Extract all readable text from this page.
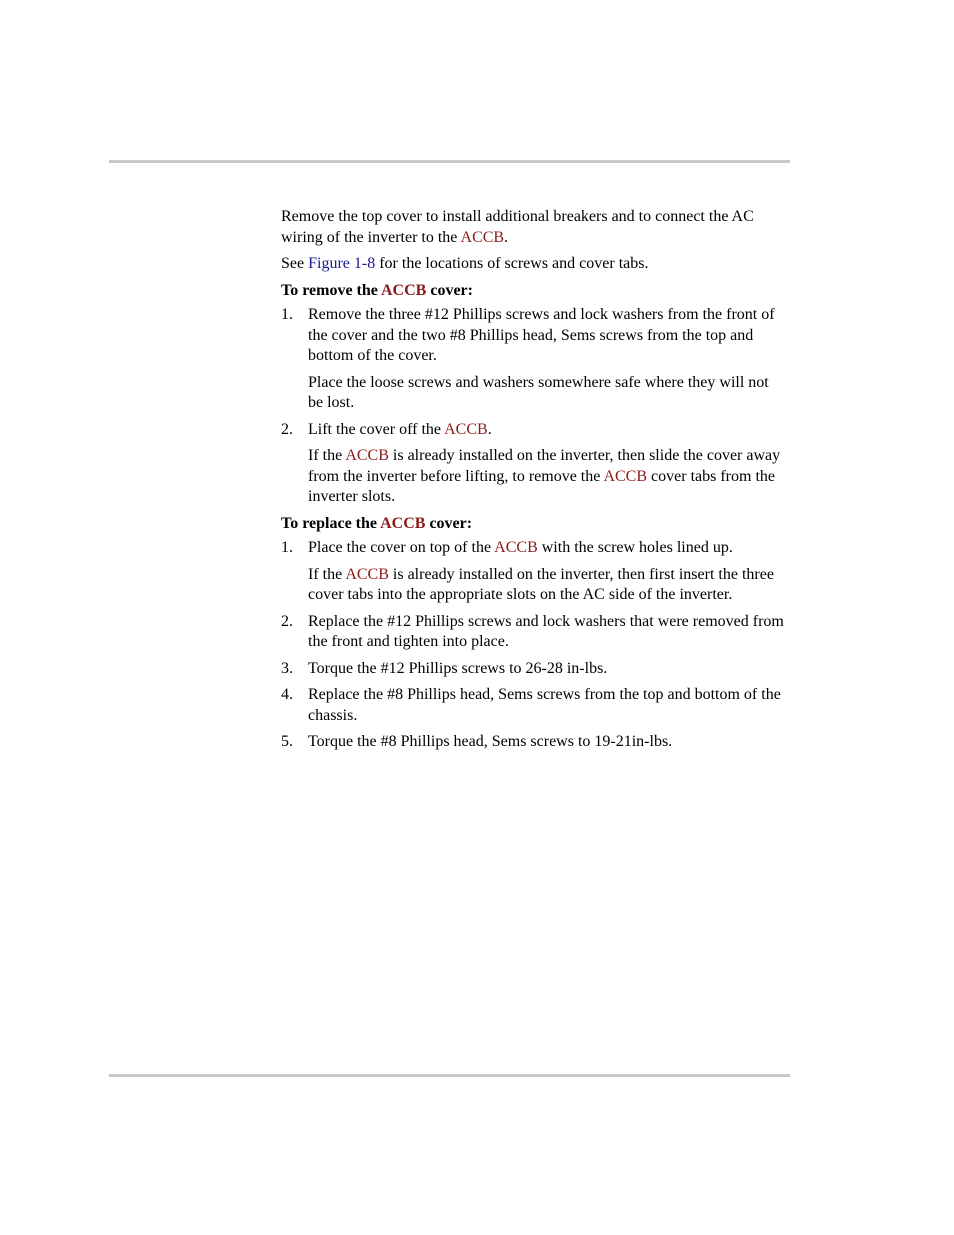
Remove the top cover to install additional breakers and to connect the AC wiring of the inverter to the ACCB.

See Figure 1-8 for the locations of screws and cover tabs.

To remove the ACCB cover:

1. Remove the three #12 Phillips screws and lock washers from the front of the cover and the two #8 Phillips head, Sems screws from the top and bottom of the cover.

Place the loose screws and washers somewhere safe where they will not be lost.

2. Lift the cover off the ACCB.

If the ACCB is already installed on the inverter, then slide the cover away from the inverter before lifting, to remove the ACCB cover tabs from the inverter slots.

To replace the ACCB cover:

1. Place the cover on top of the ACCB with the screw holes lined up.

If the ACCB is already installed on the inverter, then first insert the three cover tabs into the appropriate slots on the AC side of the inverter.

2. Replace the #12 Phillips screws and lock washers that were removed from the front and tighten into place.
3. Torque the #12 Phillips screws to 26-28 in-lbs.
4. Replace the #8 Phillips head, Sems screws from the top and bottom of the chassis.
5. Torque the #8 Phillips head, Sems screws to 19-21in-lbs.
